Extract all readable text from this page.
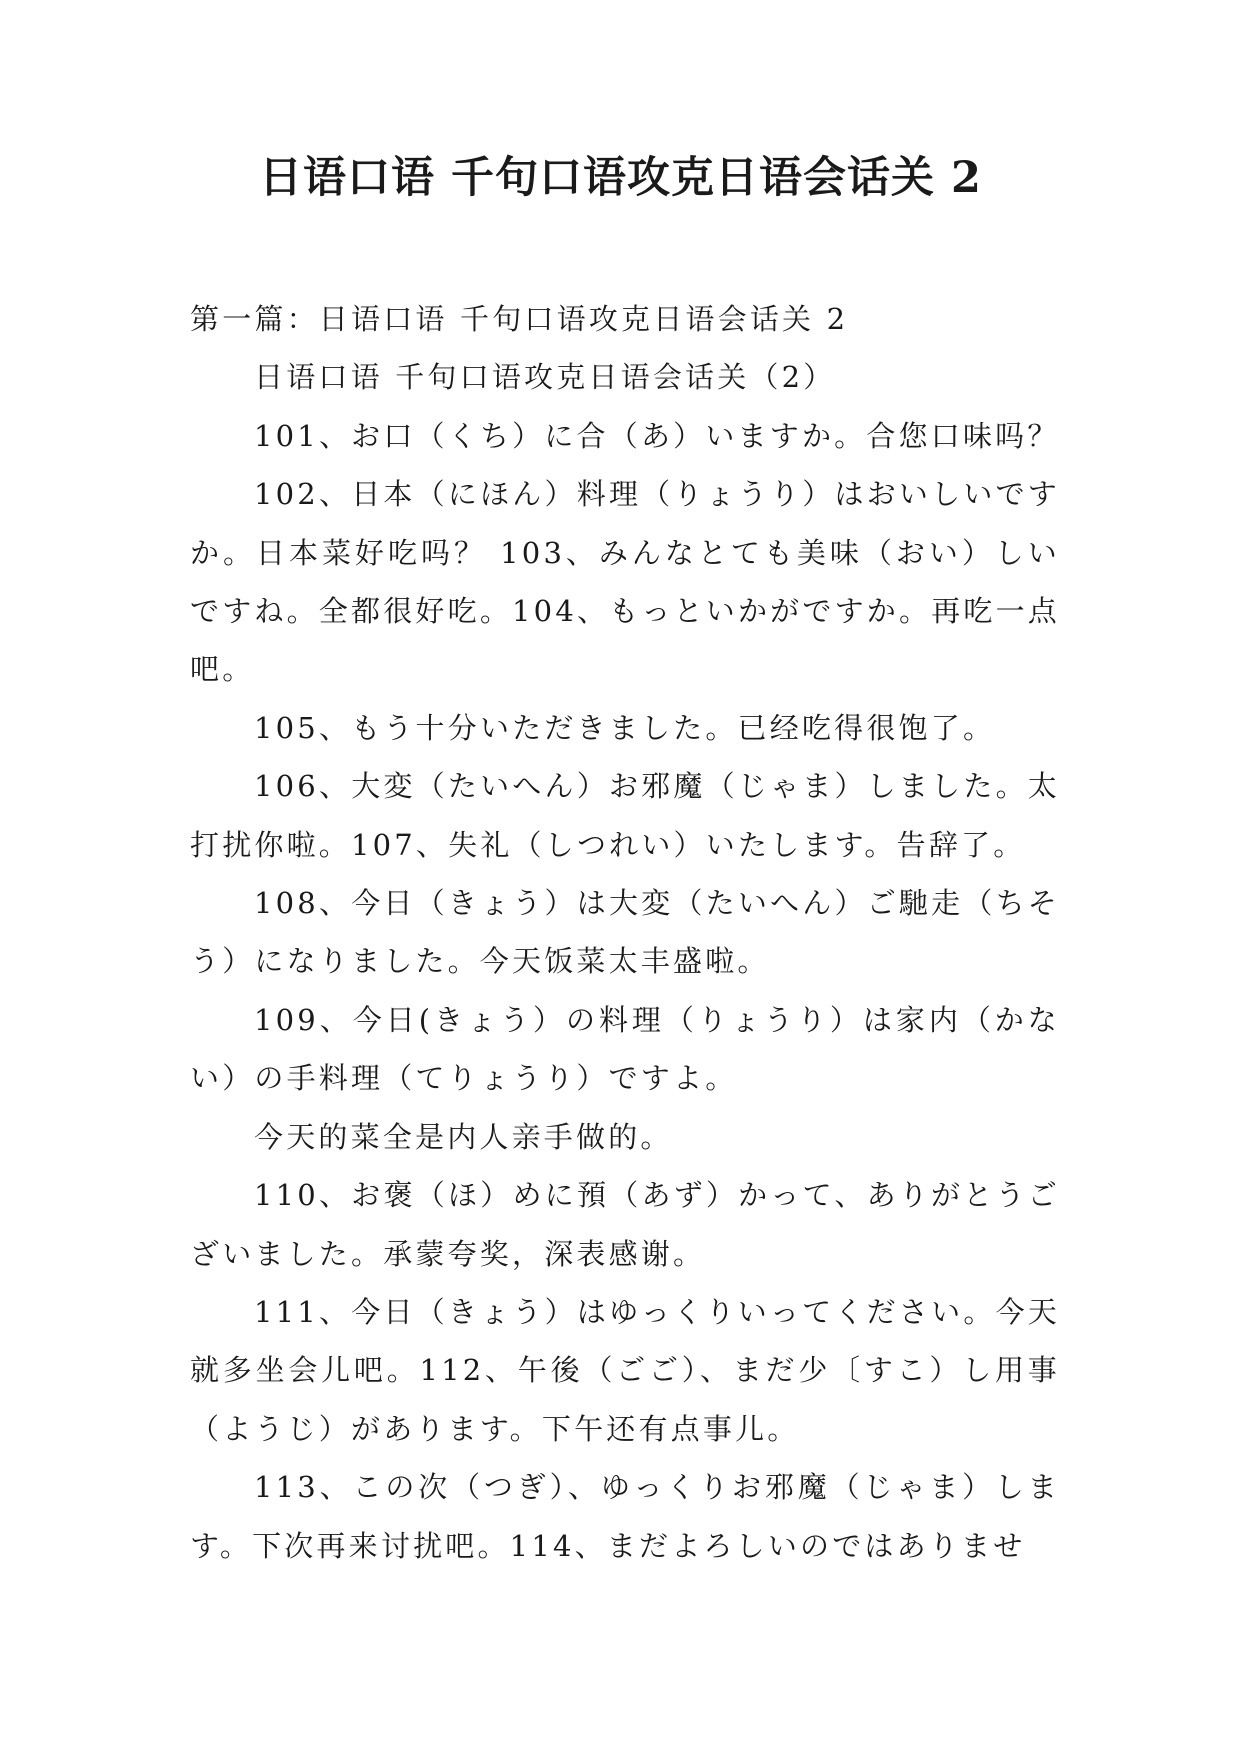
日语口语 千句口语攻克日语会话关 2

第一篇：日语口语 千句口语攻克日语会话关 2

日语口语 千句口语攻克日语会话关（2）

101、お口（くち）に合（あ）いますか。合您口味吗？

102、日本（にほん）料理（りょうり）はおいしいですか。日本菜好吃吗？ 103、みんなとても美味（おい）しいですね。全都很好吃。104、もっといかがですか。再吃一点吧。

105、もう十分いただきました。已经吃得很饱了。

106、大変（たいへん）お邪魔（じゃま）しました。太打扰你啦。107、失礼（しつれい）いたします。告辞了。

108、今日（きょう）は大変（たいへん）ご馳走（ちそう）になりました。今天饭菜太丰盛啦。

109、今日(きょう）の料理（りょうり）は家内（かない）の手料理（てりょうり）ですよ。

今天的菜全是内人亲手做的。

110、お褒（ほ）めに預（あず）かって、ありがとうございました。承蒙夸奖，深表感谢。

111、今日（きょう）はゆっくりいってください。今天就多坐会儿吧。112、午後（ごご）、まだ少〔すこ）し用事（ようじ）があります。下午还有点事儿。

113、この次（つぎ）、ゆっくりお邪魔（じゃま）します。下次再来讨扰吧。114、まだよろしいのではありませ
